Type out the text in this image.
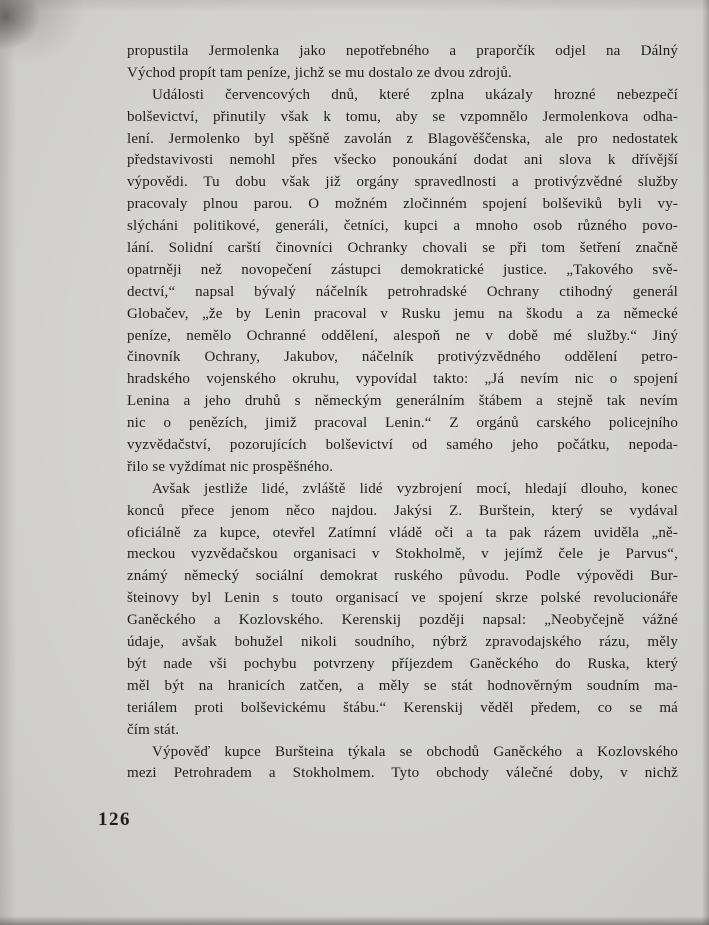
propustila Jermolenka jako nepotřebného a praporčík odjel na Dálný
Východ propít tam peníze, jichž se mu dostalo ze dvou zdrojů.
Události červencových dnů, které zplna ukázaly hrozné nebezpečí
bolševictví, přinutily však k tomu, aby se vzpomnělo Jermolenkova odha-
lení. Jermolenko byl spěšně zavolán z Blagověščenska, ale pro nedostatek
představivosti nemohl přes všecko ponoukání dodat ani slova k dřívější
výpovědi. Tu dobu však již orgány spravedlnosti a protivýzvědné služby
pracovaly plnou parou. O možném zločinném spojení bolševiků byli vy-
slýcháni politikové, generáli, četníci, kupci a mnoho osob různého povo-
lání. Solidní carští činovníci Ochranky chovali se při tom šetření značně
opatrněji než novopečení zástupci demokratické justice. „Takového svě-
dectví,“ napsal bývalý náčelník petrohradské Ochrany ctihodný generál
Globačev, „že by Lenin pracoval v Rusku jemu na škodu a za německé
peníze, nemělo Ochranné oddělení, alespoň ne v době mé služby.“ Jiný
činovník Ochrany, Jakubov, náčelník protivýzvědného oddělení petro-
hradského vojenského okruhu, vypovídal takto: „Já nevím nic o spojení
Lenina a jeho druhů s německým generálním štábem a stejně tak nevím
nic o penězích, jimiž pracoval Lenin.“ Z orgánů carského policejního
vyzvědačství, pozorujících bolševictví od samého jeho počátku, nepoda-
řilo se vyždímat nic prospěšného.
Avšak jestliže lidé, zvláště lidé vyzbrojení mocí, hledají dlouho, konec
konců přece jenom něco najdou. Jakýsi Z. Burštein, který se vydával
oficiálně za kupce, otevřel Zatímní vládě oči a ta pak rázem uviděla „ně-
meckou vyzvědačskou organisaci v Stokholmě, v jejímž čele je Parvus“,
známý německý sociální demokrat ruského původu. Podle výpovědi Bur-
šteinovy byl Lenin s touto organisací ve spojení skrze polské revolucionáře
Ganěckého a Kozlovského. Kerenskij později napsal: „Neobyčejně vážné
údaje, avšak bohužel nikoli soudního, nýbrž zpravodajského rázu, měly
být nade vši pochybu potvrzeny příjezdem Ganěckého do Ruska, který
měl být na hranicích zatčen, a měly se stát hodnověrným soudním ma-
teriálem proti bolševickému štábu.“ Kerenskij věděl předem, co se má
čím stát.
Výpověď kupce Buršteina týkala se obchodů Ganěckého a Kozlovského
mezi Petrohradem a Stokholmem. Tyto obchody válečné doby, v nichž
126
